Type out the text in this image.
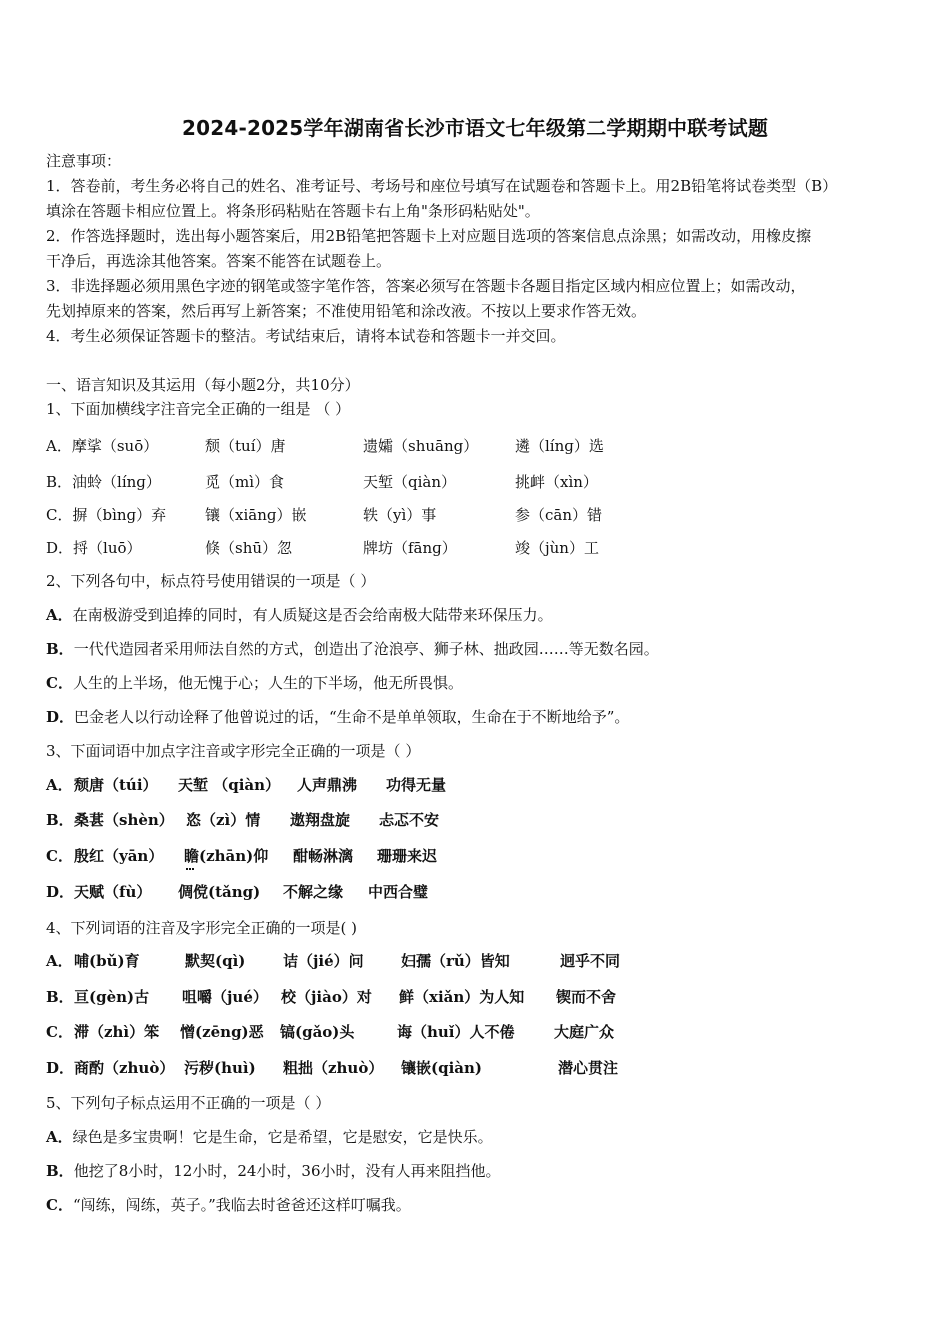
2024-2025学年湖南省长沙市语文七年级第二学期期中联考试题
注意事项：
1．答卷前，考生务必将自己的姓名、准考证号、考场号和座位号填写在试题卷和答题卡上。用2B铅笔将试卷类型（B）
填涂在答题卡相应位置上。将条形码粘贴在答题卡右上角"条形码粘贴处"。
2．作答选择题时，选出每小题答案后，用2B铅笔把答题卡上对应题目选项的答案信息点涂黑；如需改动，用橡皮擦
干净后，再选涂其他答案。答案不能答在试题卷上。
3．非选择题必须用黑色字迹的钢笔或签字笔作答，答案必须写在答题卡各题目指定区域内相应位置上；如需改动，
先划掉原来的答案，然后再写上新答案；不准使用铅笔和涂改液。不按以上要求作答无效。
4．考生必须保证答题卡的整洁。考试结束后，请将本试卷和答题卡一并交回。
一、语言知识及其运用（每小题2分，共10分）
1、下面加横线字注音完全正确的一组是 （ ）
A．摩挲（suō）	颓（tuí）唐	遗孀（shuāng） 遴（línɡ）选
B．油蛉（línɡ）	觅（mì）食	天堑（qiàn）	挑衅（xìn）
C．摒（bìnɡ）弃	镶（xiānɡ）嵌	轶（yì）事	参（cān）错
D．捋（luō）	倏（shū）忽	牌坊（fānɡ）	竣（jùn）工
2、下列各句中，标点符号使用错误的一项是（ ）
A．在南极游受到追捧的同时，有人质疑这是否会给南极大陆带来环保压力。
B．一代代造园者采用师法自然的方式，创造出了沧浪亭、狮子林、拙政园……等无数名园。
C．人生的上半场，他无愧于心；人生的下半场，他无所畏惧。
D．巴金老人以行动诠释了他曾说过的话，“生命不是单单领取，生命在于不断地给予”。
3、下面词语中加点字注音或字形完全正确的一项是（ ）
A． 颓唐（túi） 天堑 （qiàn） 人声鼎沸 功得无量
B． 桑葚（shèn） 恣（zì）情 遨翔盘旋 忐忑不安
C． 殷红（yān） 瞻(zhān)仰	酣畅淋漓 珊珊来迟
D． 天赋（fù） 倜傥(tǎng) 不解之缘 中西合璧
4、下列词语的注音及字形完全正确的一项是( )
A． 哺(bǔ)育	默契(qì)	诘（jié）问 妇孺（rǔ）皆知	迥乎不同
B． 亘(gèn)古 咀嚼（jué） 校（jiào）对 鲜（xiǎn）为人知 锲而不舍
C． 滞（zhì）笨 憎(zēng)恶 镐(gǎo)头	诲（huǐ）人不倦	大庭广众
D． 商酌（zhuò） 污秽(huì) 粗拙（zhuò） 镶嵌(qiàn)	潜心贯注
5、下列句子标点运用不正确的一项是（ ）
A．绿色是多宝贵啊！它是生命，它是希望，它是慰安，它是快乐。
B．他挖了8小时，12小时，24小时，36小时，没有人再来阻挡他。
C．“闯练，闯练，英子。”我临去时爸爸还这样叮嘱我。
